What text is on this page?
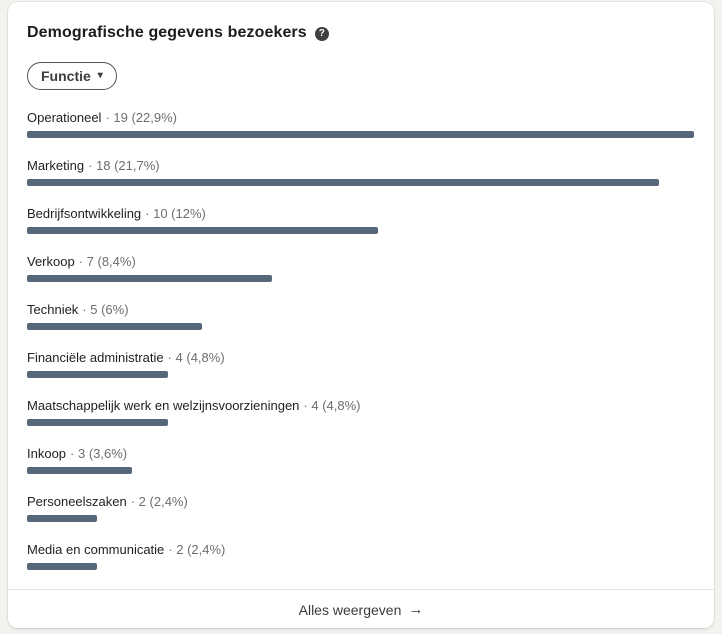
Demografische gegevens bezoekers	?
Functie ▾
Operationeel · 19 (22,9%)
Marketing · 18 (21,7%)
Bedrijfsontwikkeling · 10 (12%)
Verkoop · 7 (8,4%)
Techniek · 5 (6%)
Financiële administratie · 4 (4,8%)
Maatschappelijk werk en welzijnsvoorzieningen · 4 (4,8%)
Inkoop · 3 (3,6%)
Personeelszaken · 2 (2,4%)
Media en communicatie · 2 (2,4%)
Alles weergeven →
